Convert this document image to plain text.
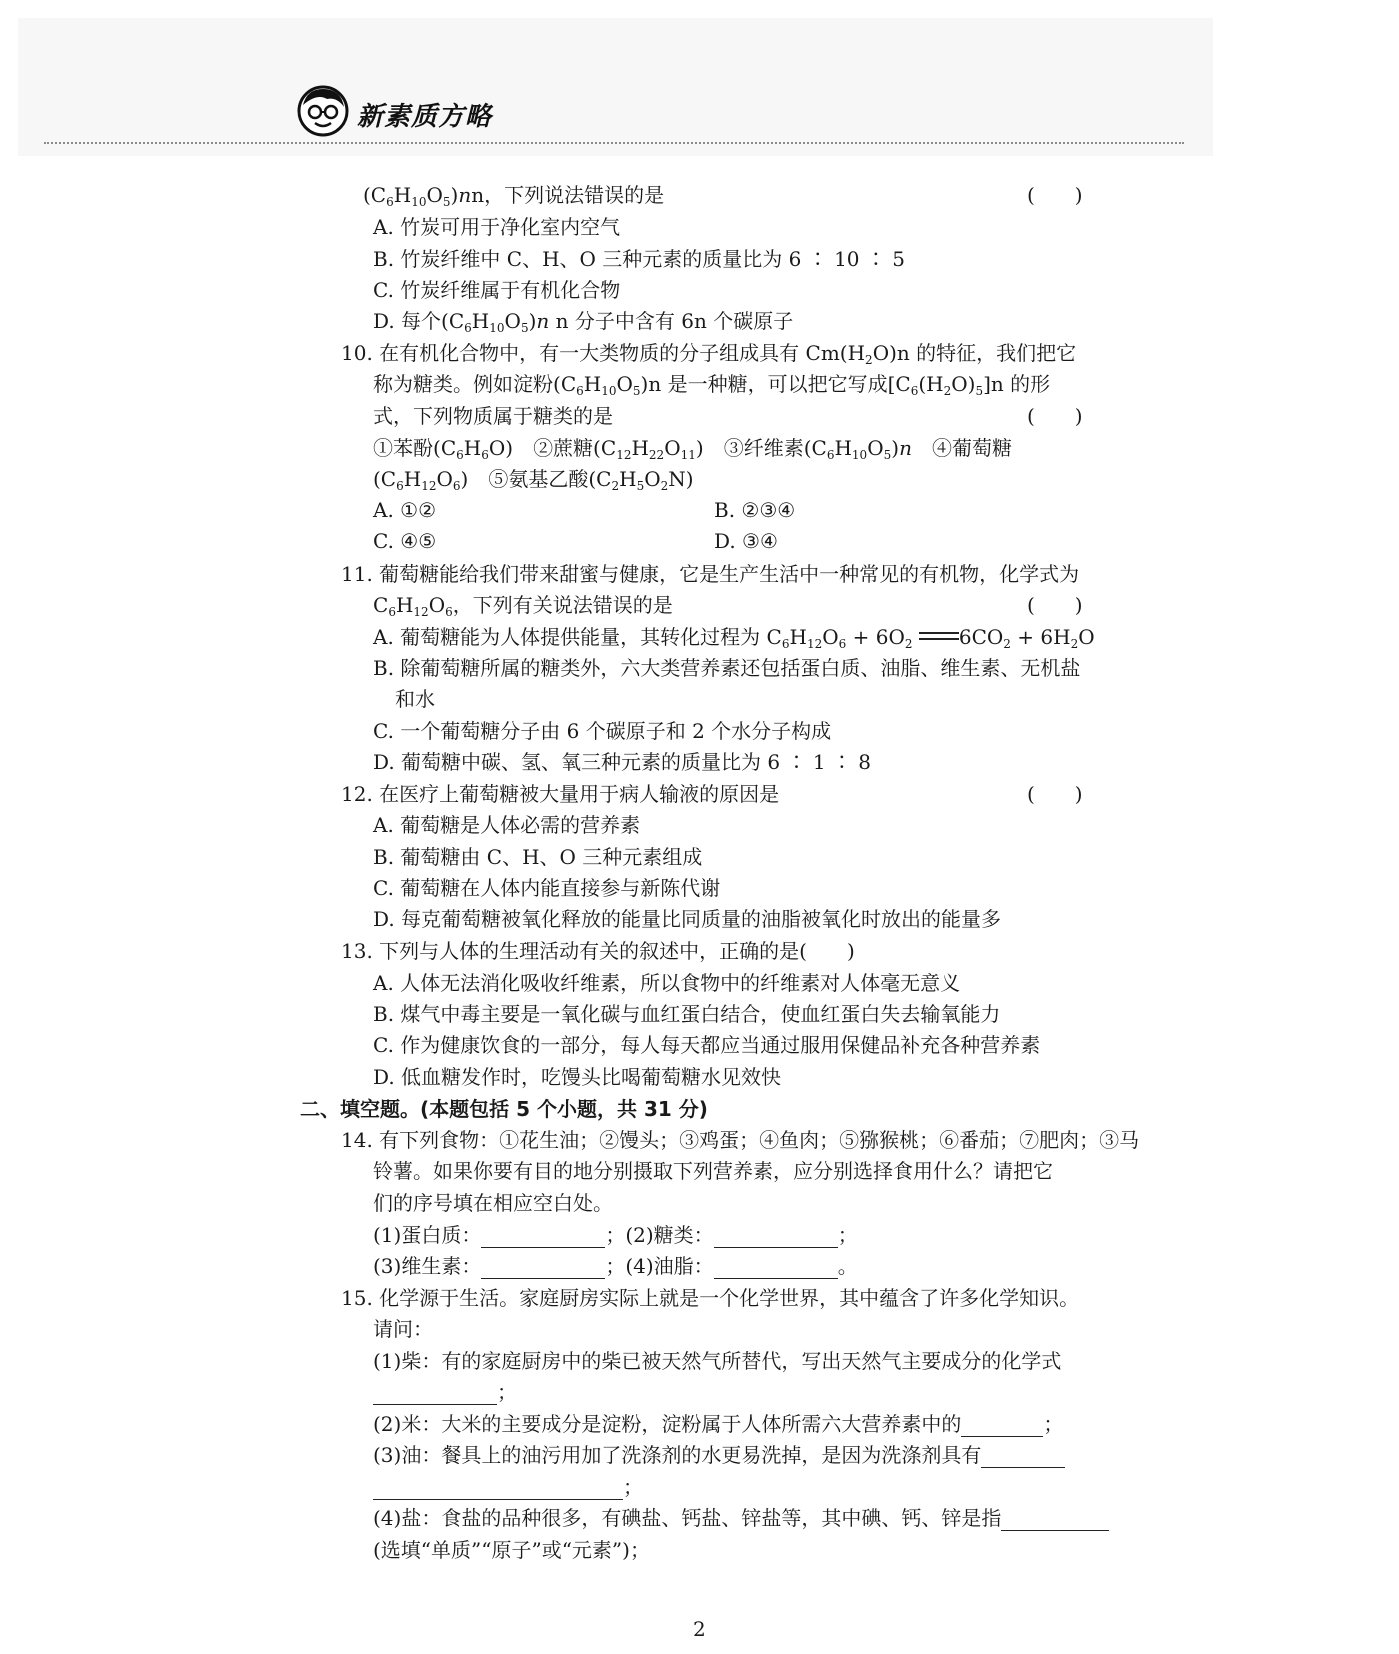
新素质方略
$(C_6H_{10}O_5)nn$，下列说法错误的是	(　　)
A. 竹炭可用于净化室内空气
B. 竹炭纤维中 C、H、O 三种元素的质量比为 6 ∶ 10 ∶ 5
C. 竹炭纤维属于有机化合物
D. 每个$(C_6H_{10}O_5)n$ n 分子中含有 6n 个碳原子
10. 在有机化合物中，有一大类物质的分子组成具有 $Cm(H_2O)n$ 的特征，我们把它
称为糖类。例如淀粉$(C_6H_{10}O_5)n$ 是一种糖，可以把它写成$[C_6(H_2O)_5]n$ 的形
式，下列物质属于糖类的是	(　　)
①苯酚$(C_6H_6O)$　②蔗糖$(C_{12}H_{22}O_{11})$　③纤维素$(C_6H_{10}O_5)n$　 ④葡萄糖
$(C_6H_{12}O_6)$　⑤氨基乙酸$(C_2H_5O_2N)$
A. ①②	B. ②③④
C. ④⑤	D. ③④
11. 葡萄糖能给我们带来甜蜜与健康，它是生产生活中一种常见的有机物，化学式为
$C_6H_{12}O_6$，下列有关说法错误的是	(　　)
A. 葡萄糖能为人体提供能量，其转化过程为 $C_6H_{12}O_6 + 6O_2$ $6CO_2 + 6H_2O$
B. 除葡萄糖所属的糖类外，六大类营养素还包括蛋白质、油脂、维生素、无机盐
和水
C. 一个葡萄糖分子由 6 个碳原子和 2 个水分子构成
D. 葡萄糖中碳、氢、氧三种元素的质量比为 6 ∶ 1 ∶ 8
12. 在医疗上葡萄糖被大量用于病人输液的原因是	(　　)
A. 葡萄糖是人体必需的营养素
B. 葡萄糖由 C、H、O 三种元素组成
C. 葡萄糖在人体内能直接参与新陈代谢
D. 每克葡萄糖被氧化释放的能量比同质量的油脂被氧化时放出的能量多
13. 下列与人体的生理活动有关的叙述中，正确的是(　　)
A. 人体无法消化吸收纤维素，所以食物中的纤维素对人体毫无意义
B. 煤气中毒主要是一氧化碳与血红蛋白结合，使血红蛋白失去输氧能力
C. 作为健康饮食的一部分，每人每天都应当通过服用保健品补充各种营养素
D. 低血糖发作时，吃馒头比喝葡萄糖水见效快
二、填空题。(本题包括 5 个小题，共 31 分)
14. 有下列食物：①花生油；②馒头；③鸡蛋；④鱼肉；⑤猕猴桃；⑥番茄；⑦肥肉；③马
铃薯。如果你要有目的地分别摄取下列营养素，应分别选择食用什么？请把它
们的序号填在相应空白处。
(1)蛋白质：	；(2)糖类：	；
(3)维生素：	；(4)油脂：	。
15. 化学源于生活。家庭厨房实际上就是一个化学世界，其中蕴含了许多化学知识。
请问：
(1)柴：有的家庭厨房中的柴已被天然气所替代，写出天然气主要成分的化学式
；
(2)米：大米的主要成分是淀粉，淀粉属于人体所需六大营养素中的	；
(3)油：餐具上的油污用加了洗涤剂的水更易洗掉，是因为洗涤剂具有
；
(4)盐：食盐的品种很多，有碘盐、钙盐、锌盐等，其中碘、钙、锌是指
(选填“单质”“原子”或“元素”)；
2
